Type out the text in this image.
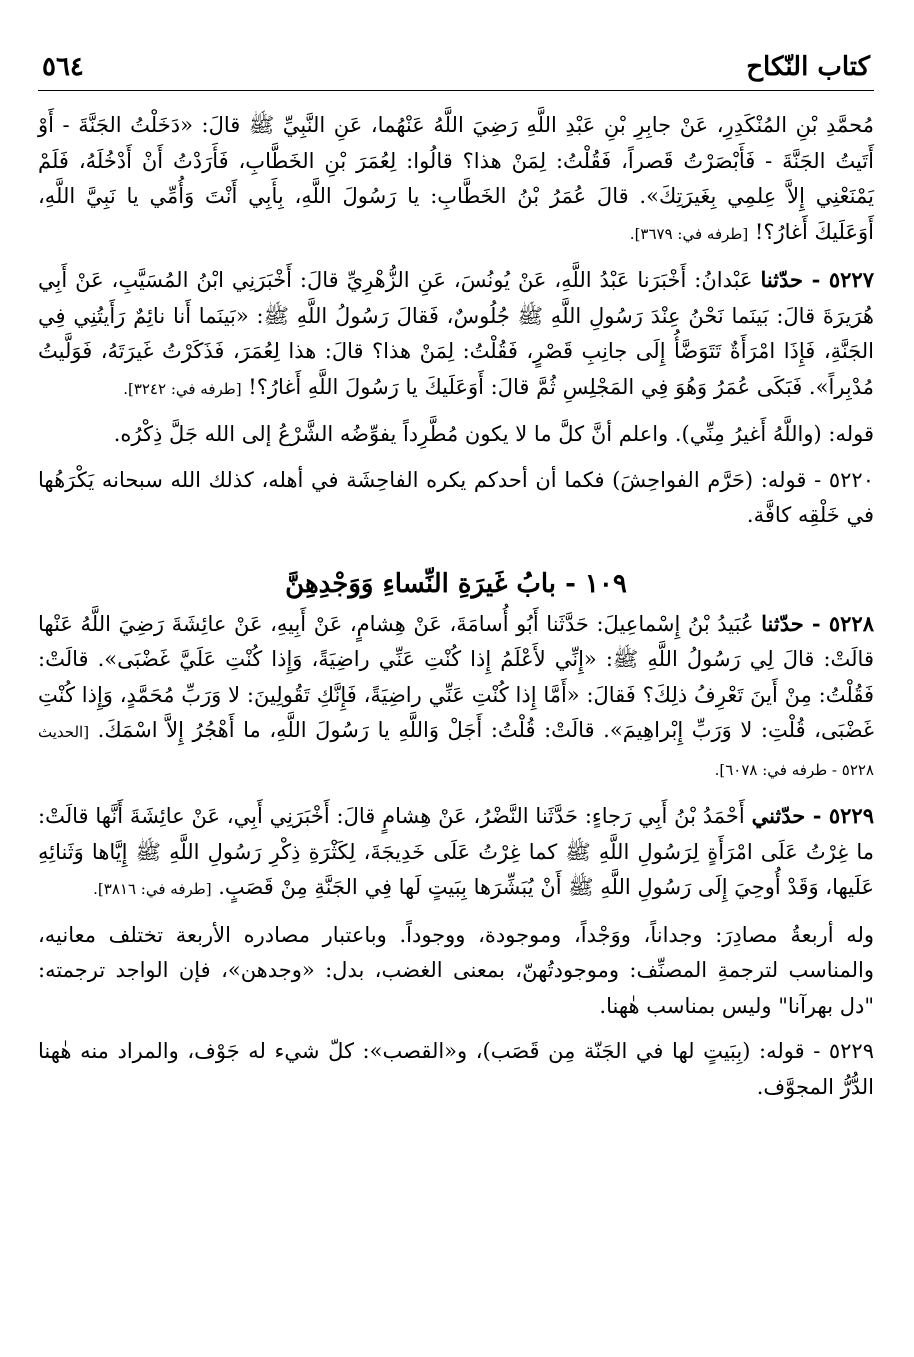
كتاب النّكاح
٥٦٤

مُحمَّدِ بْنِ المُنْكَدِرِ، عَنْ جابِرِ بْنِ عَبْدِ اللَّهِ رَضِيَ اللَّهُ عَنْهُما، عَنِ النَّبِيِّ ﷺ قالَ: «دَخَلْتُ الجَنَّةَ - أَوْ أَتَيتُ الجَنَّةَ - فَأَبْصَرْتُ قَصراً، فَقُلْتُ: لِمَنْ هذا؟ قالُوا: لِعُمَرَ بْنِ الخَطَّابِ، فَأَرَدْتُ أَنْ أَدْخُلَهُ، فَلَمْ يَمْنَعْنِي إِلاَّ عِلمِي بِغَيرَتِكَ». قالَ عُمَرُ بْنُ الخَطَّابِ: يا رَسُولَ اللَّهِ، بِأَبِي أَنْتَ وَأُمِّي يا نَبِيَّ اللَّهِ، أَوَعَلَيكَ أَغارُ؟! [طرفه في: ٣٦٧٩].

٥٢٢٧ - حدّثنا عَبْدانُ: أَخْبَرَنا عَبْدُ اللَّهِ، عَنْ يُونُسَ، عَنِ الزُّهْرِيِّ قالَ: أَخْبَرَنِي ابْنُ المُسَيَّبِ، عَنْ أَبِي هُرَيرَةَ قالَ: بَينَما نَحْنُ عِنْدَ رَسُولِ اللَّهِ ﷺ جُلُوسٌ، فَقالَ رَسُولُ اللَّهِ ﷺ: «بَينَما أَنا نائِمٌ رَأَيتُنِي فِي الجَنَّةِ، فَإِذَا امْرَأَةٌ تَتَوَضَّأُ إِلَى جانِبِ قَصْرٍ، فَقُلْتُ: لِمَنْ هذا؟ قالَ: هذا لِعُمَرَ، فَذَكَرْتُ غَيرَتَهُ، فَوَلَّيتُ مُدْبِراً». فَبَكَى عُمَرُ وَهُوَ فِي المَجْلِسِ ثُمَّ قالَ: أَوَعَلَيكَ يا رَسُولَ اللَّهِ أَغارُ؟! [طرفه في: ٣٢٤٢].

قوله: (واللَّهُ أَغيرُ مِنِّي). واعلم أنَّ كلَّ ما لا يكون مُطَّرِداً يفوِّضُه الشَّرْعُ إلى الله جَلَّ ذِكْرُه.

٥٢٢٠ - قوله: (حَرَّم الفواحِشَ) فكما أن أحدكم يكره الفاحِشَة في أهله، كذلك الله سبحانه يَكْرَهُها في خَلْقِه كافَّة.

١٠٩ - بابُ غَيرَةِ النِّساءِ وَوَجْدِهِنَّ

٥٢٢٨ - حدّثنا عُبَيدُ بْنُ إِسْماعِيلَ: حَدَّثَنا أَبُو أُسامَةَ، عَنْ هِشامٍ، عَنْ أَبِيهِ، عَنْ عائِشَةَ رَضِيَ اللَّهُ عَنْها قالَتْ: قالَ لِي رَسُولُ اللَّهِ ﷺ: «إِنِّي لأَعْلَمُ إِذا كُنْتِ عَنِّي راضِيَةً، وَإِذا كُنْتِ عَلَيَّ غَضْبَى». قالَتْ: فَقُلْتُ: مِنْ أَينَ تَعْرِفُ ذلِكَ؟ فَقالَ: «أَمَّا إِذا كُنْتِ عَنِّي راضِيَةً، فَإِنَّكِ تَقُولِينَ: لا وَرَبِّ مُحَمَّدٍ، وَإِذا كُنْتِ غَضْبَى، قُلْتِ: لا وَرَبِّ إِبْراهِيمَ». قالَتْ: قُلْتُ: أَجَلْ وَاللَّهِ يا رَسُولَ اللَّهِ، ما أَهْجُرُ إِلاَّ اسْمَكَ. [الحديث ٥٢٢٨ - طرفه في: ٦٠٧٨].

٥٢٢٩ - حدّثني أَحْمَدُ بْنُ أَبِي رَجاءٍ: حَدَّثَنا النَّضْرُ، عَنْ هِشامٍ قالَ: أَخْبَرَنِي أَبِي، عَنْ عائِشَةَ أَنَّها قالَتْ: ما غِرْتُ عَلَى امْرَأَةٍ لِرَسُولِ اللَّهِ ﷺ كما غِرْتُ عَلَى خَدِيجَةَ، لِكَثْرَةِ ذِكْرِ رَسُولِ اللَّهِ ﷺ إِيَّاها وَثَنائِهِ عَلَيها، وَقَدْ أُوحِيَ إِلَى رَسُولِ اللَّهِ ﷺ أَنْ يُبَشِّرَها بِبَيتٍ لَها فِي الجَنَّةِ مِنْ قَصَبٍ. [طرفه في: ٣٨١٦].

وله أربعةُ مصادِرَ: وجداناً، ووَجْداً، وموجودة، ووجوداً. وباعتبار مصادره الأربعة تختلف معانيه، والمناسب لترجمةِ المصنِّف: وموجودتُهنّ، بمعنى الغضب، بدل: «وجدهن»، فإن الواجد ترجمته: "دل بهرآنا" وليس بمناسب هٰهنا.

٥٢٢٩ - قوله: (بِبَيتٍ لها في الجَنّة مِن قَصَب)، و«القصب»: كلّ شيء له جَوْف، والمراد منه هٰهنا الدُّرُّ المجوَّف.
